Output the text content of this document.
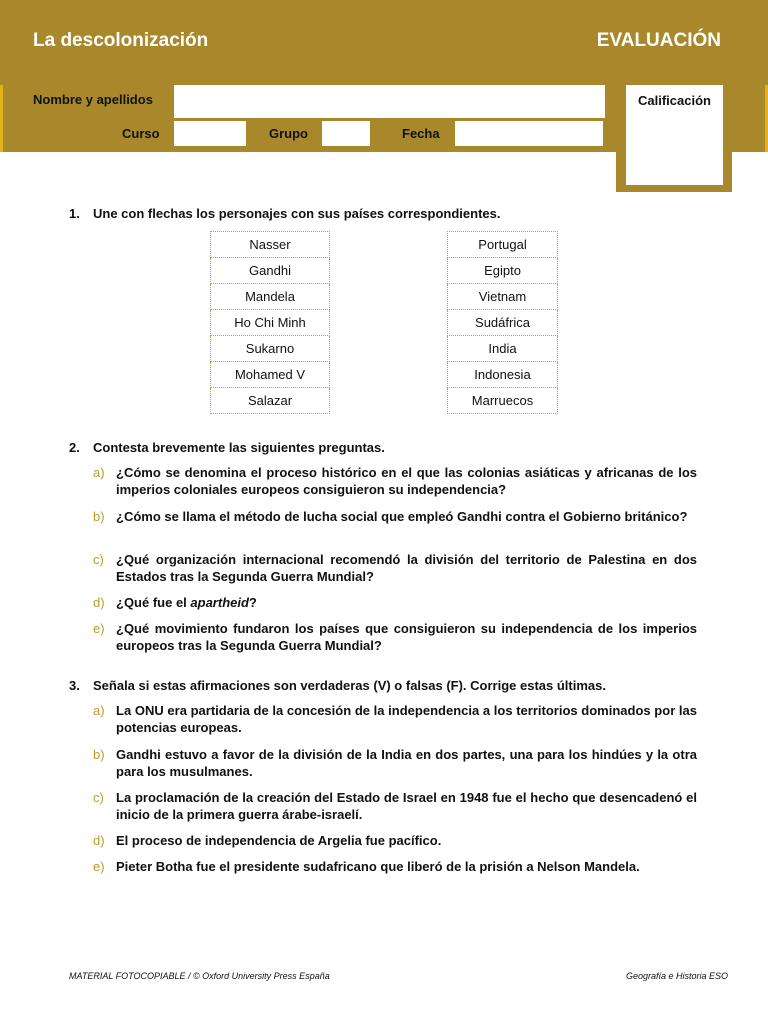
La descolonización	EVALUACIÓN
Nombre y apellidos
Curso	Grupo	Fecha
Calificación
1. Une con flechas los personajes con sus países correspondientes.
Nasser
Gandhi
Mandela
Ho Chi Minh
Sukarno
Mohamed V
Salazar
Portugal
Egipto
Vietnam
Sudáfrica
India
Indonesia
Marruecos
2. Contesta brevemente las siguientes preguntas.
a) ¿Cómo se denomina el proceso histórico en el que las colonias asiáticas y africanas de los imperios coloniales europeos consiguieron su independencia?
b) ¿Cómo se llama el método de lucha social que empleó Gandhi contra el Gobierno británico?
c) ¿Qué organización internacional recomendó la división del territorio de Palestina en dos Estados tras la Segunda Guerra Mundial?
d) ¿Qué fue el apartheid?
e) ¿Qué movimiento fundaron los países que consiguieron su independencia de los imperios europeos tras la Segunda Guerra Mundial?
3. Señala si estas afirmaciones son verdaderas (V) o falsas (F). Corrige estas últimas.
a) La ONU era partidaria de la concesión de la independencia a los territorios dominados por las potencias europeas.
b) Gandhi estuvo a favor de la división de la India en dos partes, una para los hindúes y la otra para los musulmanes.
c) La proclamación de la creación del Estado de Israel en 1948 fue el hecho que desencadenó el inicio de la primera guerra árabe-israelí.
d) El proceso de independencia de Argelia fue pacífico.
e) Pieter Botha fue el presidente sudafricano que liberó de la prisión a Nelson Mandela.
MATERIAL FOTOCOPIABLE / © Oxford University Press España	Geografía e Historia ESO
